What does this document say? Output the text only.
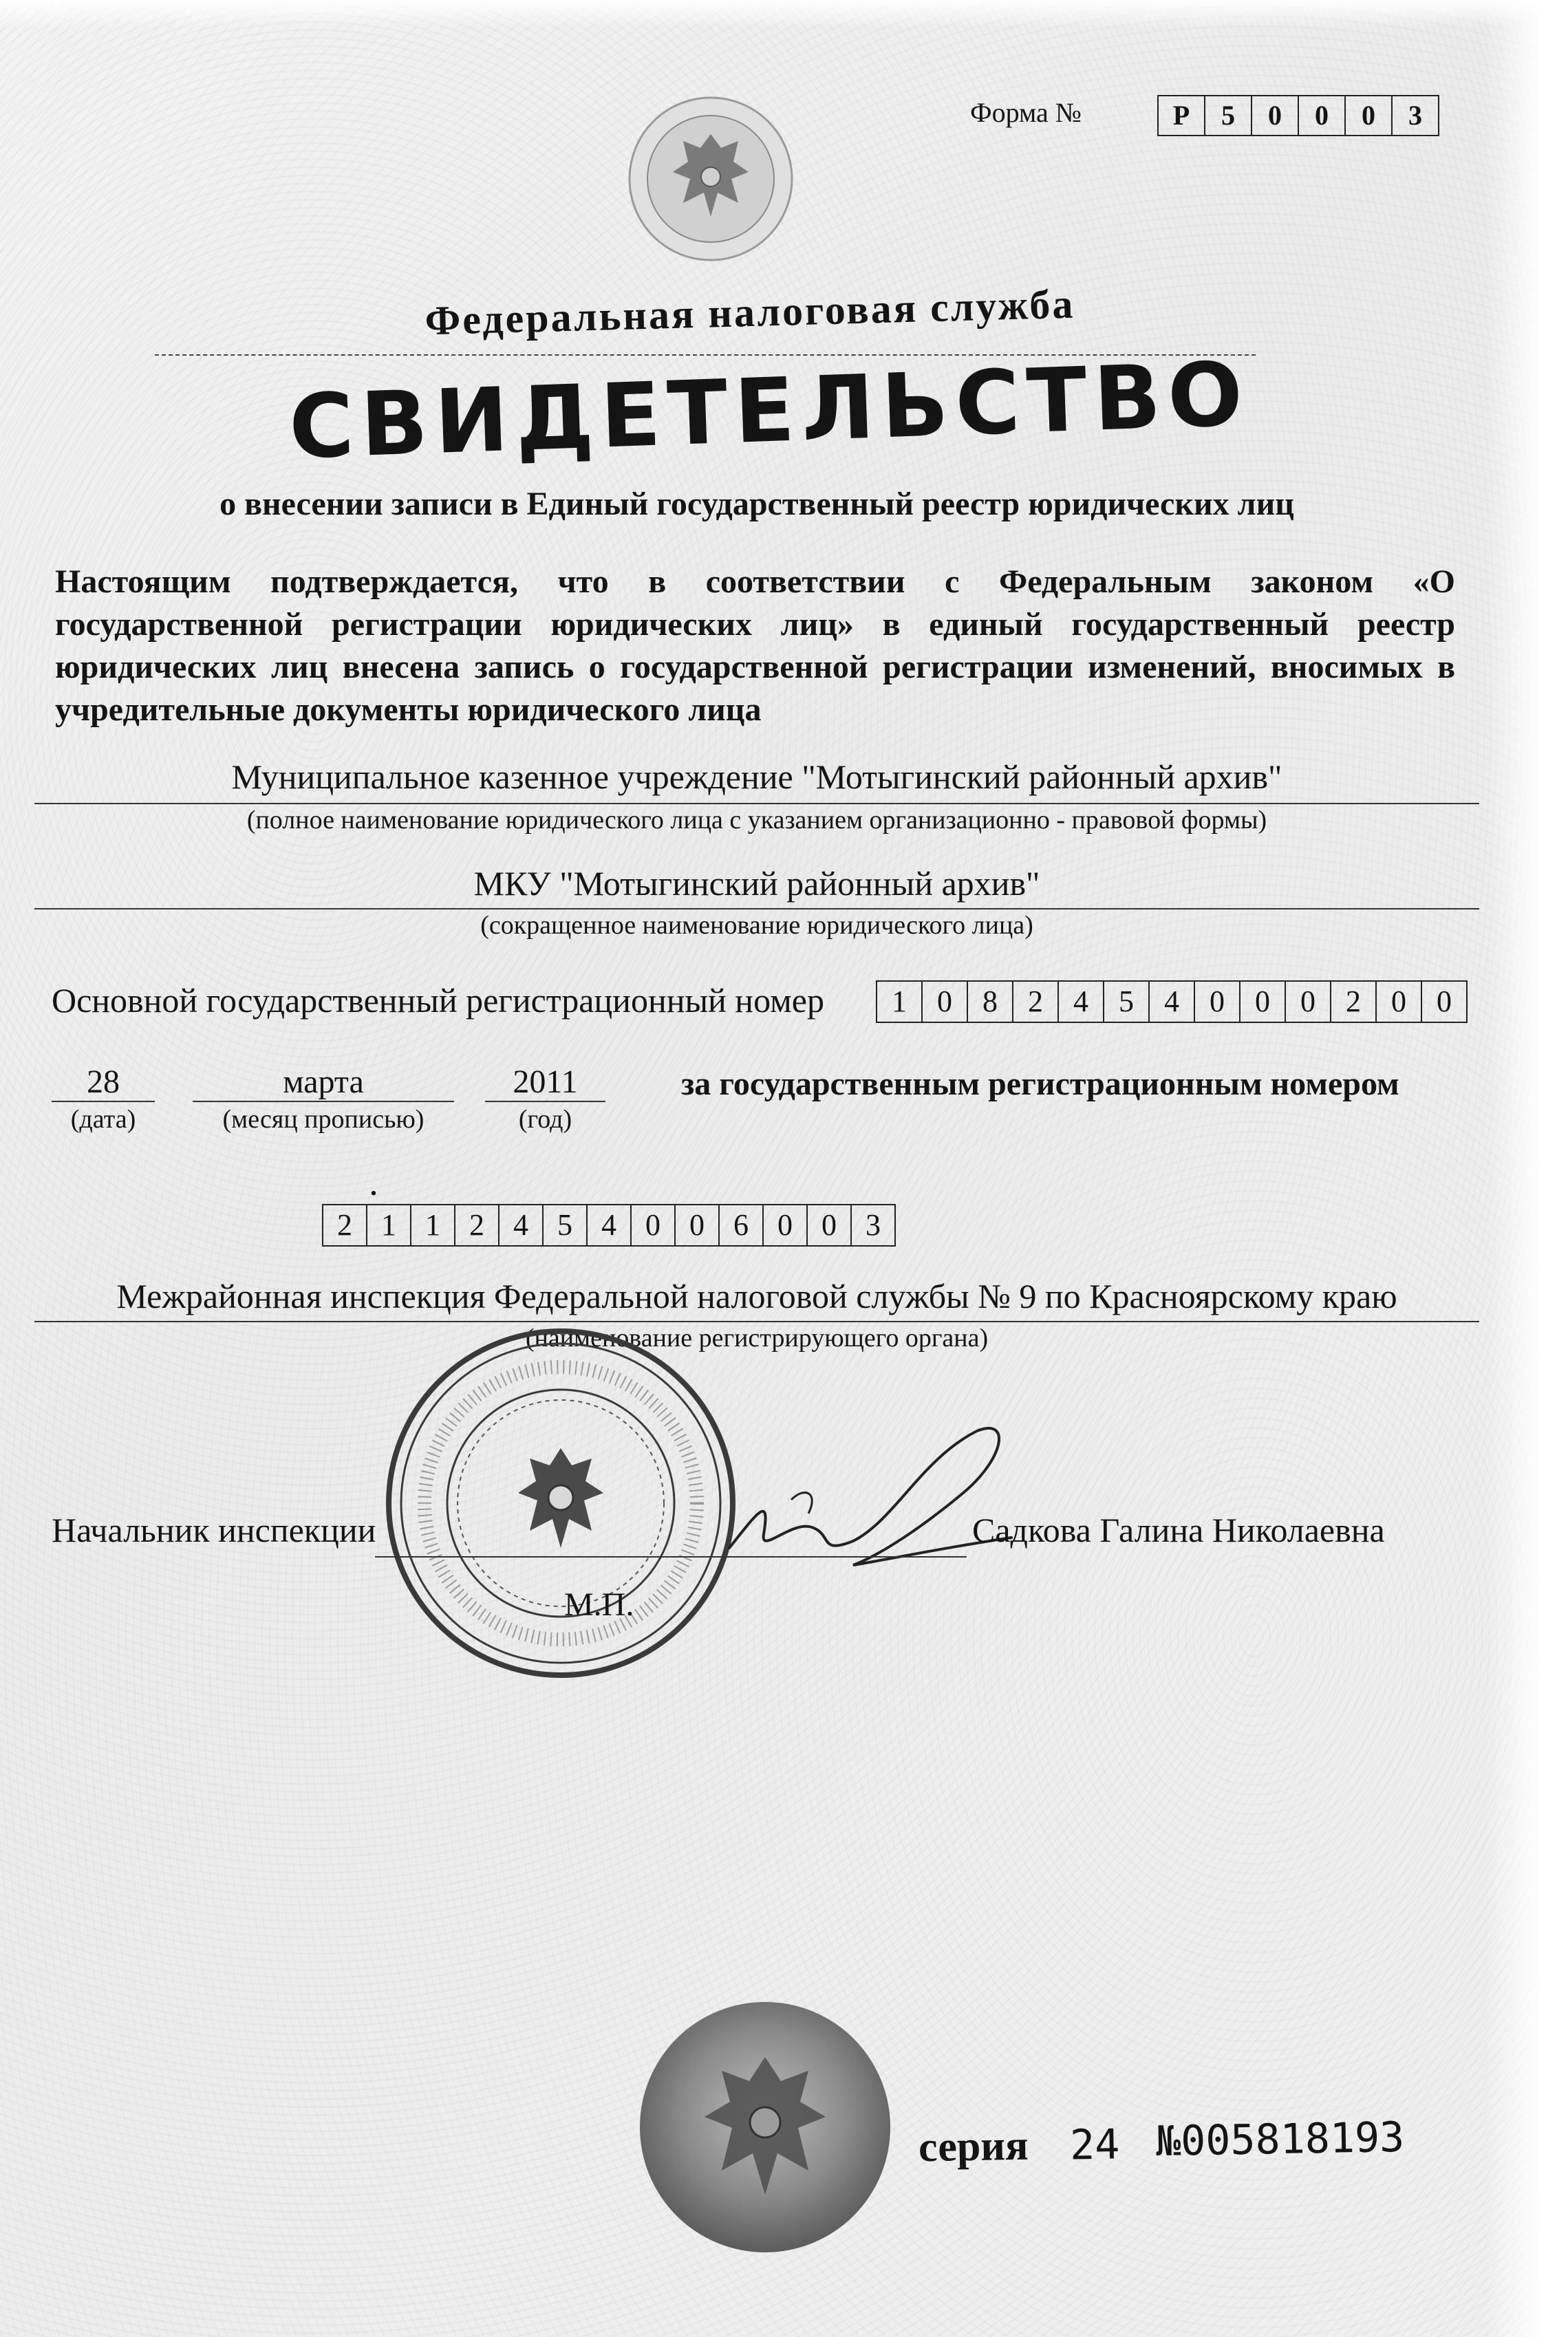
Форма №	Р	5	0	0	0	3
Федеральная налоговая служба
СВИДЕТЕЛЬСТВО
о внесении записи в Единый государственный реестр юридических лиц
Настоящим подтверждается, что в соответствии с Федеральным законом «О государственной регистрации юридических лиц» в единый государственный реестр юридических лиц внесена запись о государственной регистрации изменений, вносимых в учредительные документы юридического лица
Муниципальное казенное учреждение "Мотыгинский районный архив"
(полное наименование юридического лица с указанием организационно - правовой формы)
МКУ "Мотыгинский районный архив"
(сокращенное наименование юридического лица)
Основной государственный регистрационный номер	1	0	8	2	4	5	4	0	0	0	2	0	0
28	марта	2011
(дата)	(месяц прописью)	(год)
за государственным регистрационным номером
.
2 1 1 2 4 5 4 0 0 6 0 0 3
Межрайонная инспекция Федеральной налоговой службы № 9 по Красноярскому краю
(наименование регистрирующего органа)
Начальник инспекции	Садкова Галина Николаевна
М.П.
серия 24 №005818193
